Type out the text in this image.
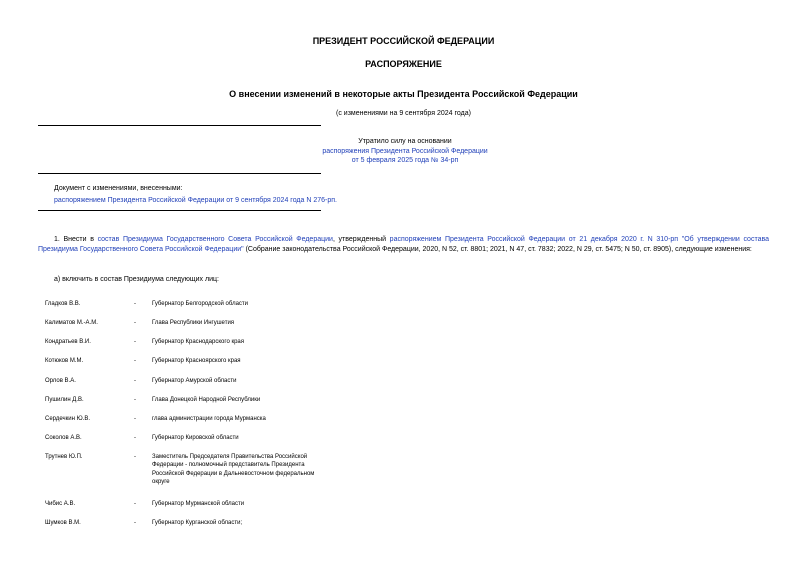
ПРЕЗИДЕНТ РОССИЙСКОЙ ФЕДЕРАЦИИ
РАСПОРЯЖЕНИЕ
О внесении изменений в некоторые акты Президента Российской Федерации
(с изменениями на 9 сентября 2024 года)
Утратило силу на основании
распоряжения Президента Российской Федерации
от 5 февраля 2025 года № 34-рп
Документ с изменениями, внесенными:
распоряжением Президента Российской Федерации от 9 сентября 2024 года N 276-рп.
1. Внести в состав Президиума Государственного Совета Российской Федерации, утвержденный распоряжением Президента Российской Федерации от 21 декабря 2020 г. N 310-рп "Об утверждении состава Президиума Государственного Совета Российской Федерации" (Собрание законодательства Российской Федерации, 2020, N 52, ст. 8801; 2021, N 47, ст. 7832; 2022, N 29, ст. 5475; N 50, ст. 8905), следующие изменения:
а) включить в состав Президиума следующих лиц:
Гладков В.В.	-	Губернатор Белгородской области
Калиматов М.-А.М.	-	Глава Республики Ингушетия
Кондратьев В.И.	-	Губернатор Краснодарского края
Котюков М.М.	-	Губернатор Красноярского края
Орлов В.А.	-	Губернатор Амурской области
Пушилин Д.В.	-	Глава Донецкой Народной Республики
Сердечкин Ю.В.	-	глава администрации города Мурманска
Соколов А.В.	-	Губернатор Кировской области
Трутнев Ю.П.	-	Заместитель Председателя Правительства Российской Федерации - полномочный представитель Президента Российской Федерации в Дальневосточном федеральном округе
Чибис А.В.	-	Губернатор Мурманской области
Шумков В.М.	-	Губернатор Курганской области;
